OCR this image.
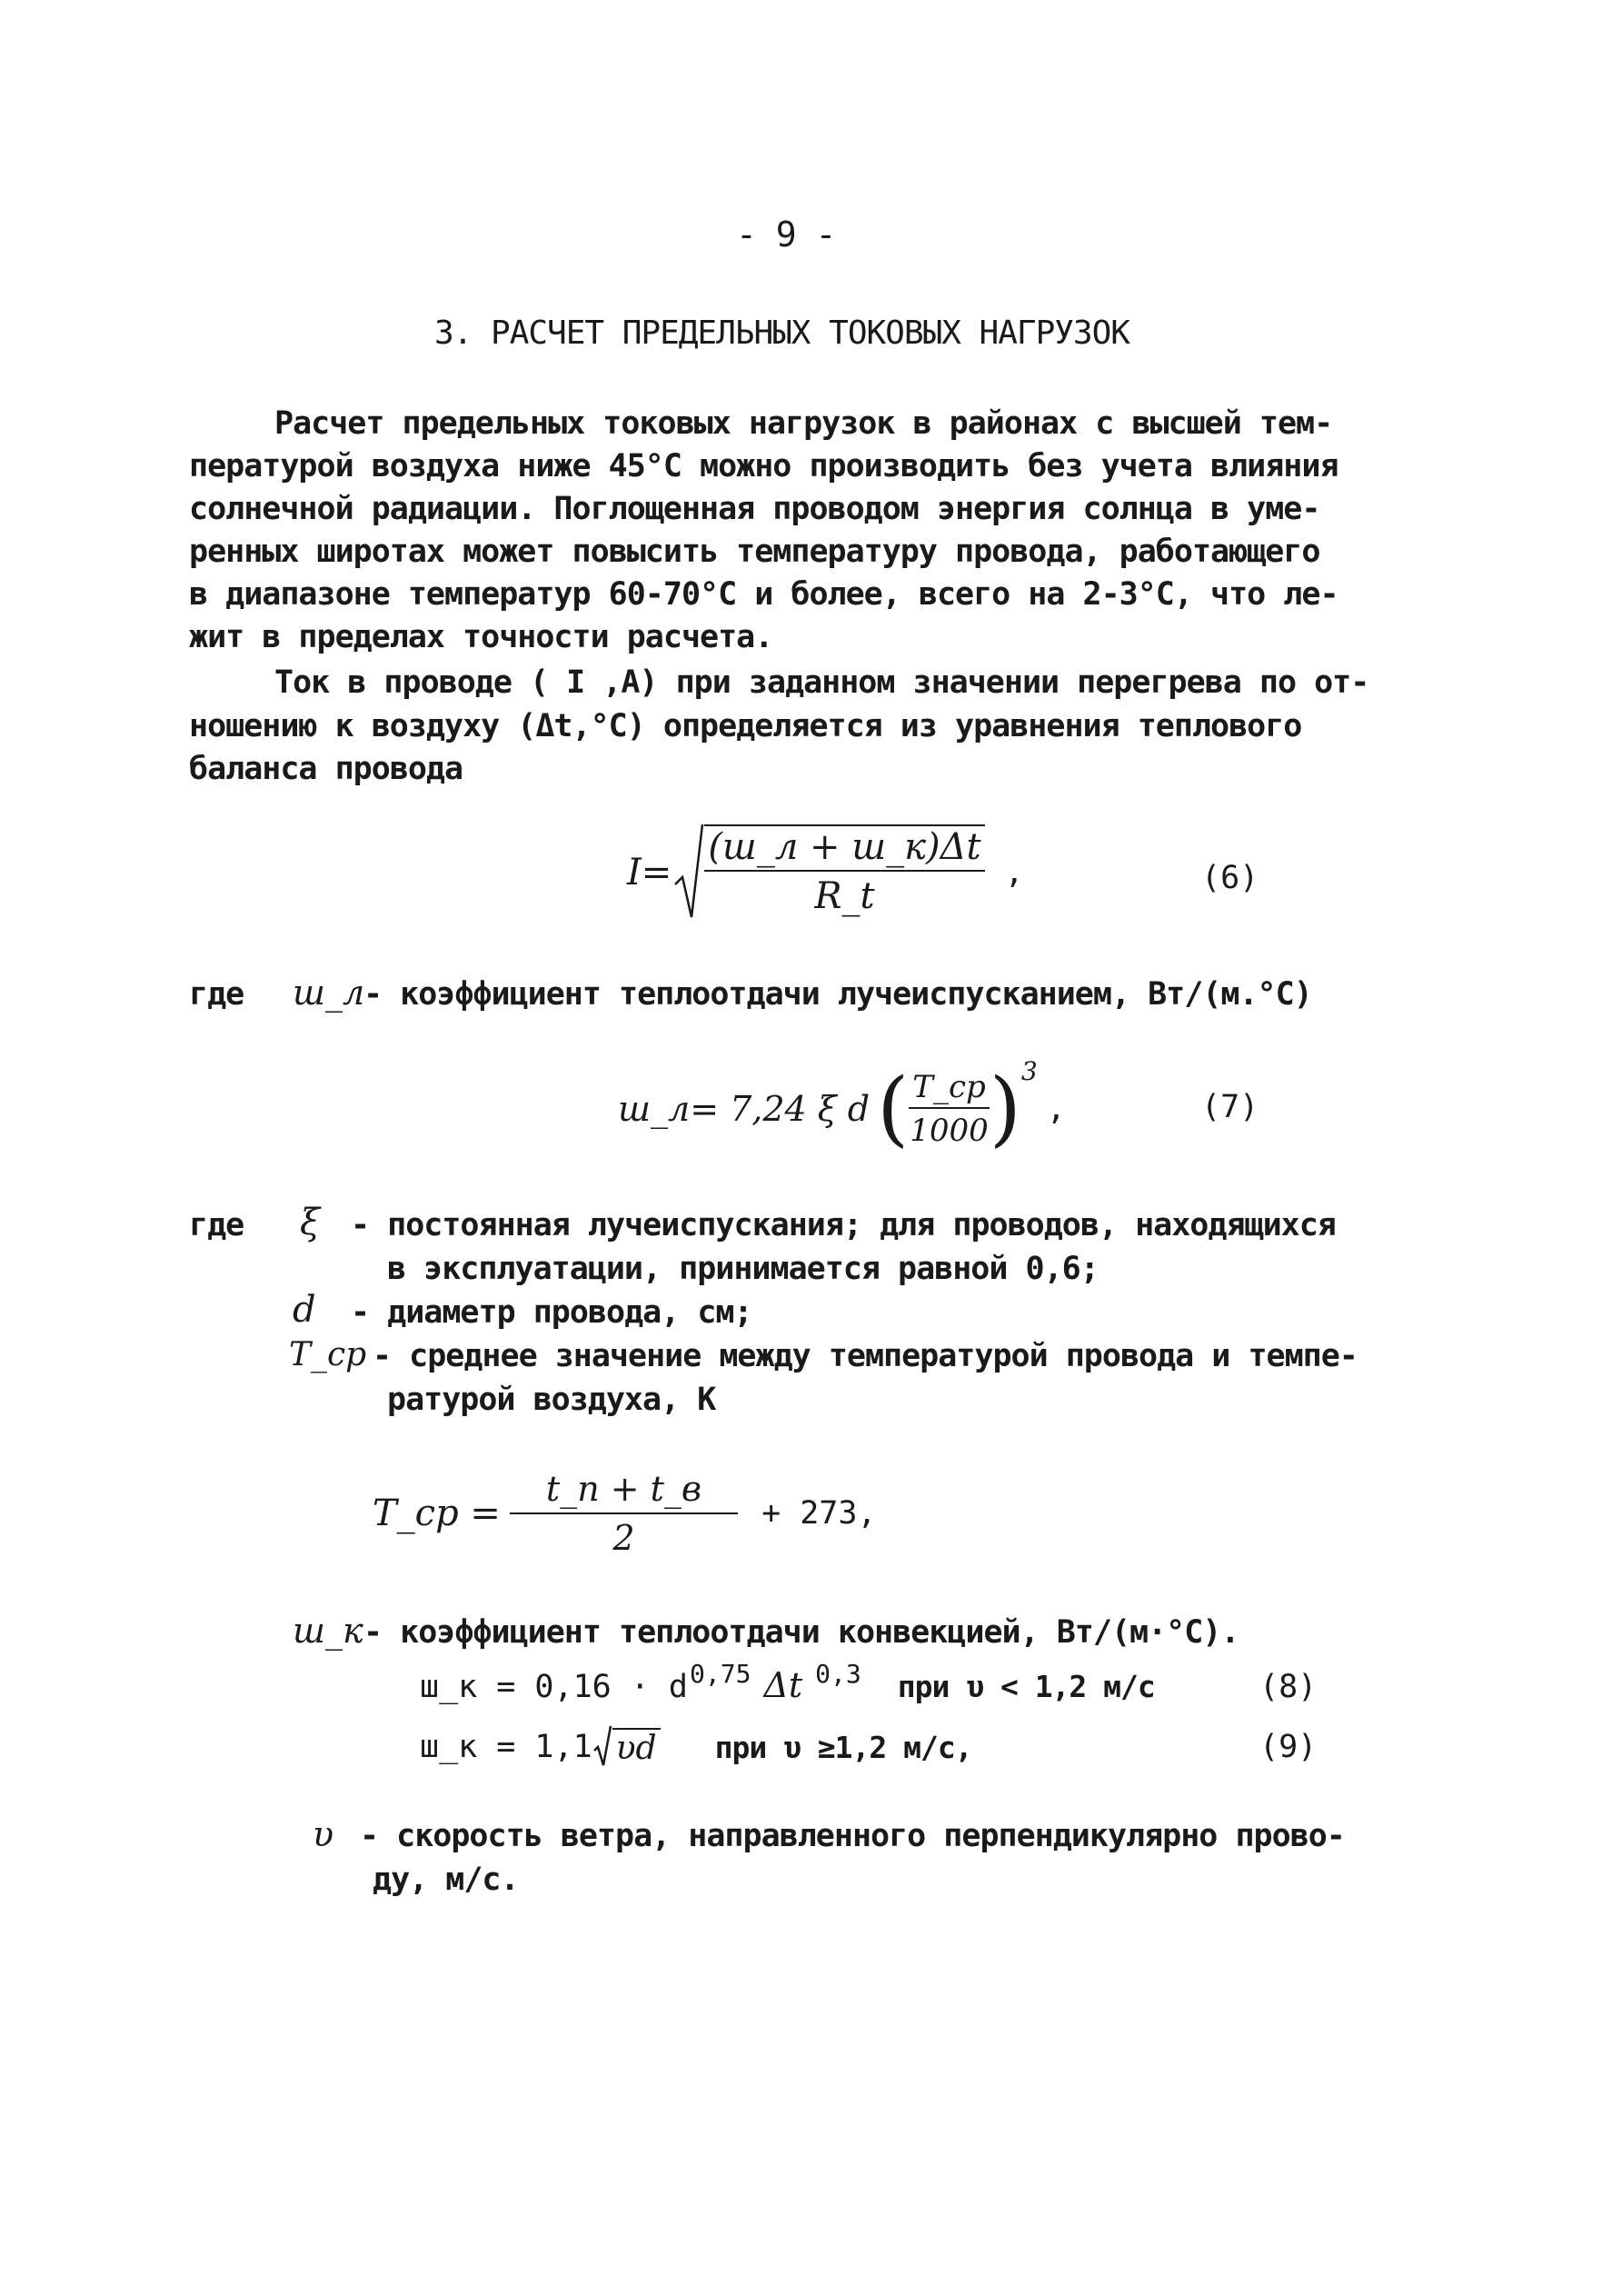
- 9 -
3. РАСЧЕТ ПРЕДЕЛЬНЫХ ТОКОВЫХ НАГРУЗОК
Расчет предельных токовых нагрузок в районах с высшей тем-
пературой воздуха ниже 45°С можно производить без учета влияния
солнечной радиации. Поглощенная проводом энергия солнца в уме-
ренных широтах может повысить температуру провода, работающего
в диапазоне температур 60-70°С и более, всего на 2-3°С, что ле-
жит в пределах точности расчета.
Ток в проводе ( I ,А) при заданном значении перегрева по от-
ношению к воздуху (Δt,°С) определяется из уравнения теплового
баланса провода
$I= \frac{(ш\_л + ш\_к)\Delta t}{R\_t}$ ,	(6)
где ш_л
- коэффициент теплоотдачи лучеиспусканием, Вт/(м.°С)
ш_л= 7,24 ξ d ( $\frac{T\_ср}{1000}$ ) 3
,	(7)
где ξ - постоянная лучеиспускания; для проводов, находящихся
в эксплуатации, принимается равной 0,6;
d - диаметр провода, см;
T_ср - среднее значение между температурой провода и темпе-
ратурой воздуха, К
T_ср = $\frac{t\_п + t\_в}{2} + 273$,
ш_к - коэффициент теплоотдачи конвекцией, Вт/(м·°С).
ш_к = 0,16 · d 0,75 Δt 0,3 при υ < 1,2 м/с	(8)
ш_к = 1,1 υd при υ ≥1,2 м/с,	(9)
υ - скорость ветра, направленного перпендикулярно прово-
ду, м/с.
